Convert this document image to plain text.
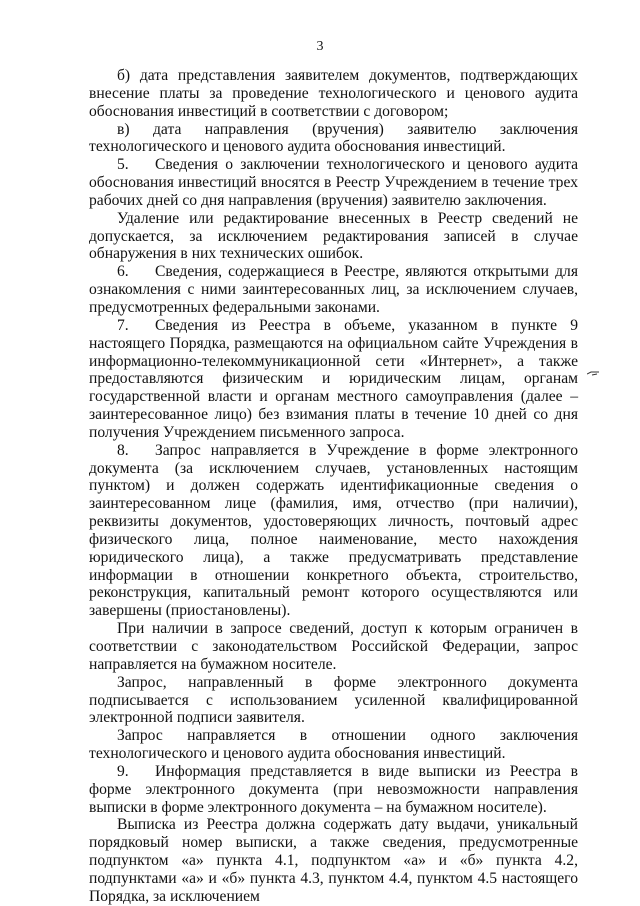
3

б) дата представления заявителем документов, подтверждающих внесение платы за проведение технологического и ценового аудита обоснования инвестиций в соответствии с договором;

в) дата направления (вручения) заявителю заключения технологического и ценового аудита обоснования инвестиций.

5. Сведения о заключении технологического и ценового аудита обоснования инвестиций вносятся в Реестр Учреждением в течение трех рабочих дней со дня направления (вручения) заявителю заключения.

Удаление или редактирование внесенных в Реестр сведений не допускается, за исключением редактирования записей в случае обнаружения в них технических ошибок.

6. Сведения, содержащиеся в Реестре, являются открытыми для ознакомления с ними заинтересованных лиц, за исключением случаев, предусмотренных федеральными законами.

7. Сведения из Реестра в объеме, указанном в пункте 9 настоящего Порядка, размещаются на официальном сайте Учреждения в информационно-телекоммуникационной сети «Интернет», а также предоставляются физическим и юридическим лицам, органам государственной власти и органам местного самоуправления (далее – заинтересованное лицо) без взимания платы в течение 10 дней со дня получения Учреждением письменного запроса.

8. Запрос направляется в Учреждение в форме электронного документа (за исключением случаев, установленных настоящим пунктом) и должен содержать идентификационные сведения о заинтересованном лице (фамилия, имя, отчество (при наличии), реквизиты документов, удостоверяющих личность, почтовый адрес физического лица, полное наименование, место нахождения юридического лица), а также предусматривать представление информации в отношении конкретного объекта, строительство, реконструкция, капитальный ремонт которого осуществляются или завершены (приостановлены).

При наличии в запросе сведений, доступ к которым ограничен в соответствии с законодательством Российской Федерации, запрос направляется на бумажном носителе.

Запрос, направленный в форме электронного документа подписывается с использованием усиленной квалифицированной электронной подписи заявителя.

Запрос направляется в отношении одного заключения технологического и ценового аудита обоснования инвестиций.

9. Информация представляется в виде выписки из Реестра в форме электронного документа (при невозможности направления выписки в форме электронного документа – на бумажном носителе).

Выписка из Реестра должна содержать дату выдачи, уникальный порядковый номер выписки, а также сведения, предусмотренные подпунктом «а» пункта 4.1, подпунктом «а» и «б» пункта 4.2, подпунктами «а» и «б» пункта 4.3, пунктом 4.4, пунктом 4.5 настоящего Порядка, за исключением
